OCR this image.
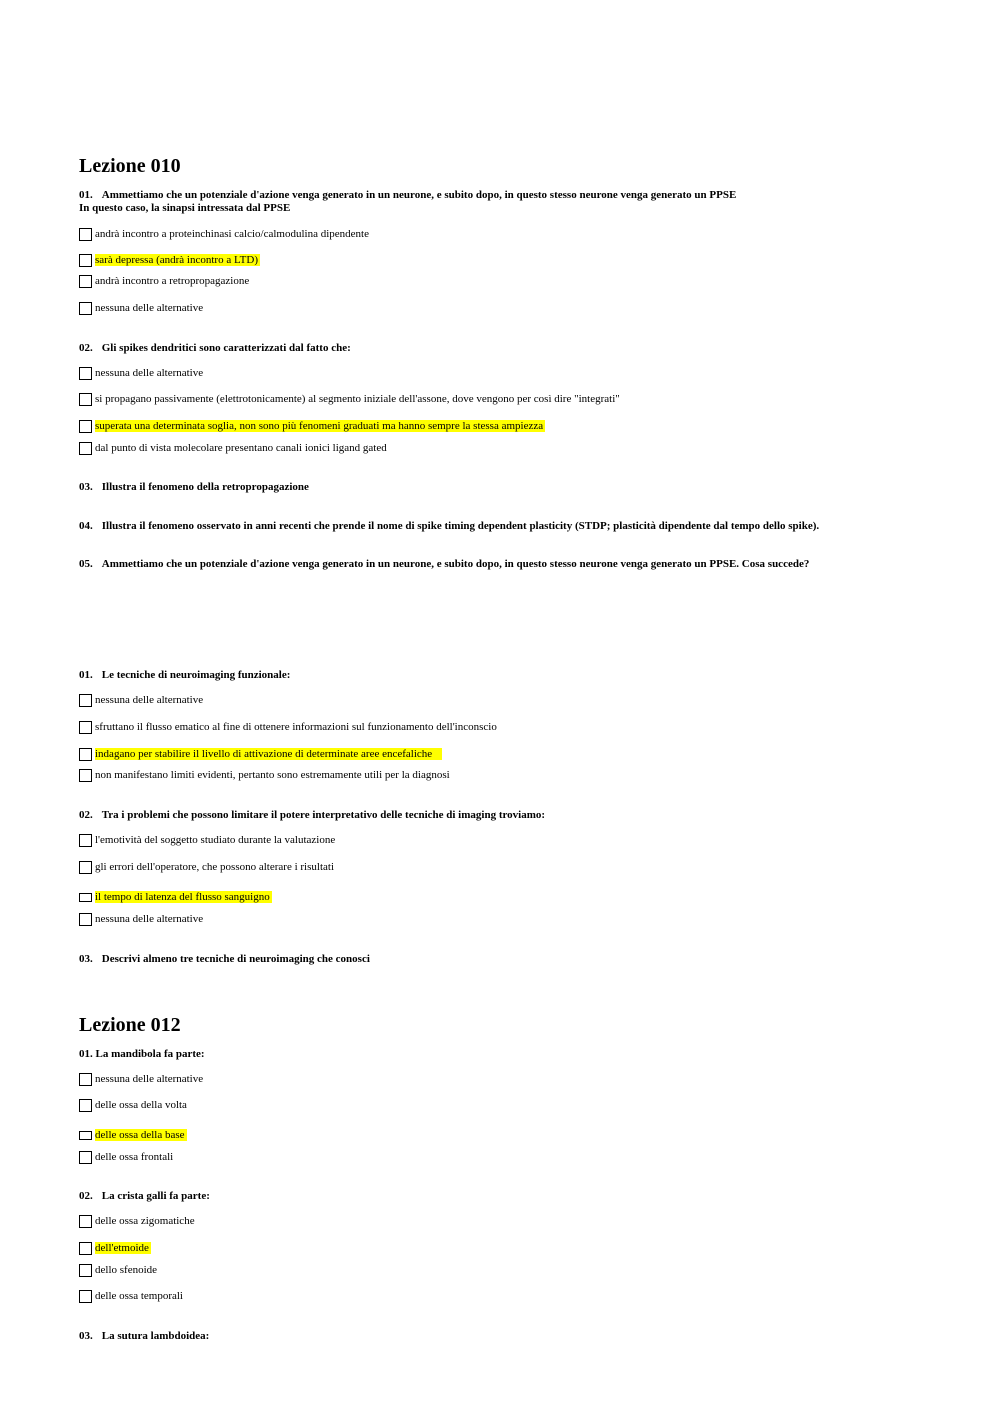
Lezione 010
01. Ammettiamo che un potenziale d'azione venga generato in un neurone, e subito dopo, in questo stesso neurone venga generato un PPSE
In questo caso, la sinapsi intressata dal PPSE
andrà incontro a proteinchinasi calcio/calmodulina dipendente
sarà depressa (andrà incontro a LTD)
andrà incontro a retropropagazione
nessuna delle alternative
02. Gli spikes dendritici sono caratterizzati dal fatto che:
nessuna delle alternative
si propagano passivamente (elettrotonicamente) al segmento iniziale dell'assone, dove vengono per così dire "integrati"
superata una determinata soglia, non sono più fenomeni graduati ma hanno sempre la stessa ampiezza
dal punto di vista molecolare presentano canali ionici ligand gated
03. Illustra il fenomeno della retropropagazione
04. Illustra il fenomeno osservato in anni recenti che prende il nome di spike timing dependent plasticity (STDP; plasticità dipendente dal tempo dello spike).
05. Ammettiamo che un potenziale d'azione venga generato in un neurone, e subito dopo, in questo stesso neurone venga generato un PPSE. Cosa succede?
01. Le tecniche di neuroimaging funzionale:
nessuna delle alternative
sfruttano il flusso ematico al fine di ottenere informazioni sul funzionamento dell'inconscio
indagano per stabilire il livello di attivazione di determinate aree encefaliche
non manifestano limiti evidenti, pertanto sono estremamente utili per la diagnosi
02. Tra i problemi che possono limitare il potere interpretativo delle tecniche di imaging troviamo:
l'emotività del soggetto studiato durante la valutazione
gli errori dell'operatore, che possono alterare i risultati
il tempo di latenza del flusso sanguigno
nessuna delle alternative
03. Descrivi almeno tre tecniche di neuroimaging che conosci
Lezione 012
01. La mandibola fa parte:
nessuna delle alternative
delle ossa della volta
delle ossa della base
delle ossa frontali
02. La crista galli fa parte:
delle ossa zigomatiche
dell'etmoide
dello sfenoide
delle ossa temporali
03. La sutura lambdoidea:
